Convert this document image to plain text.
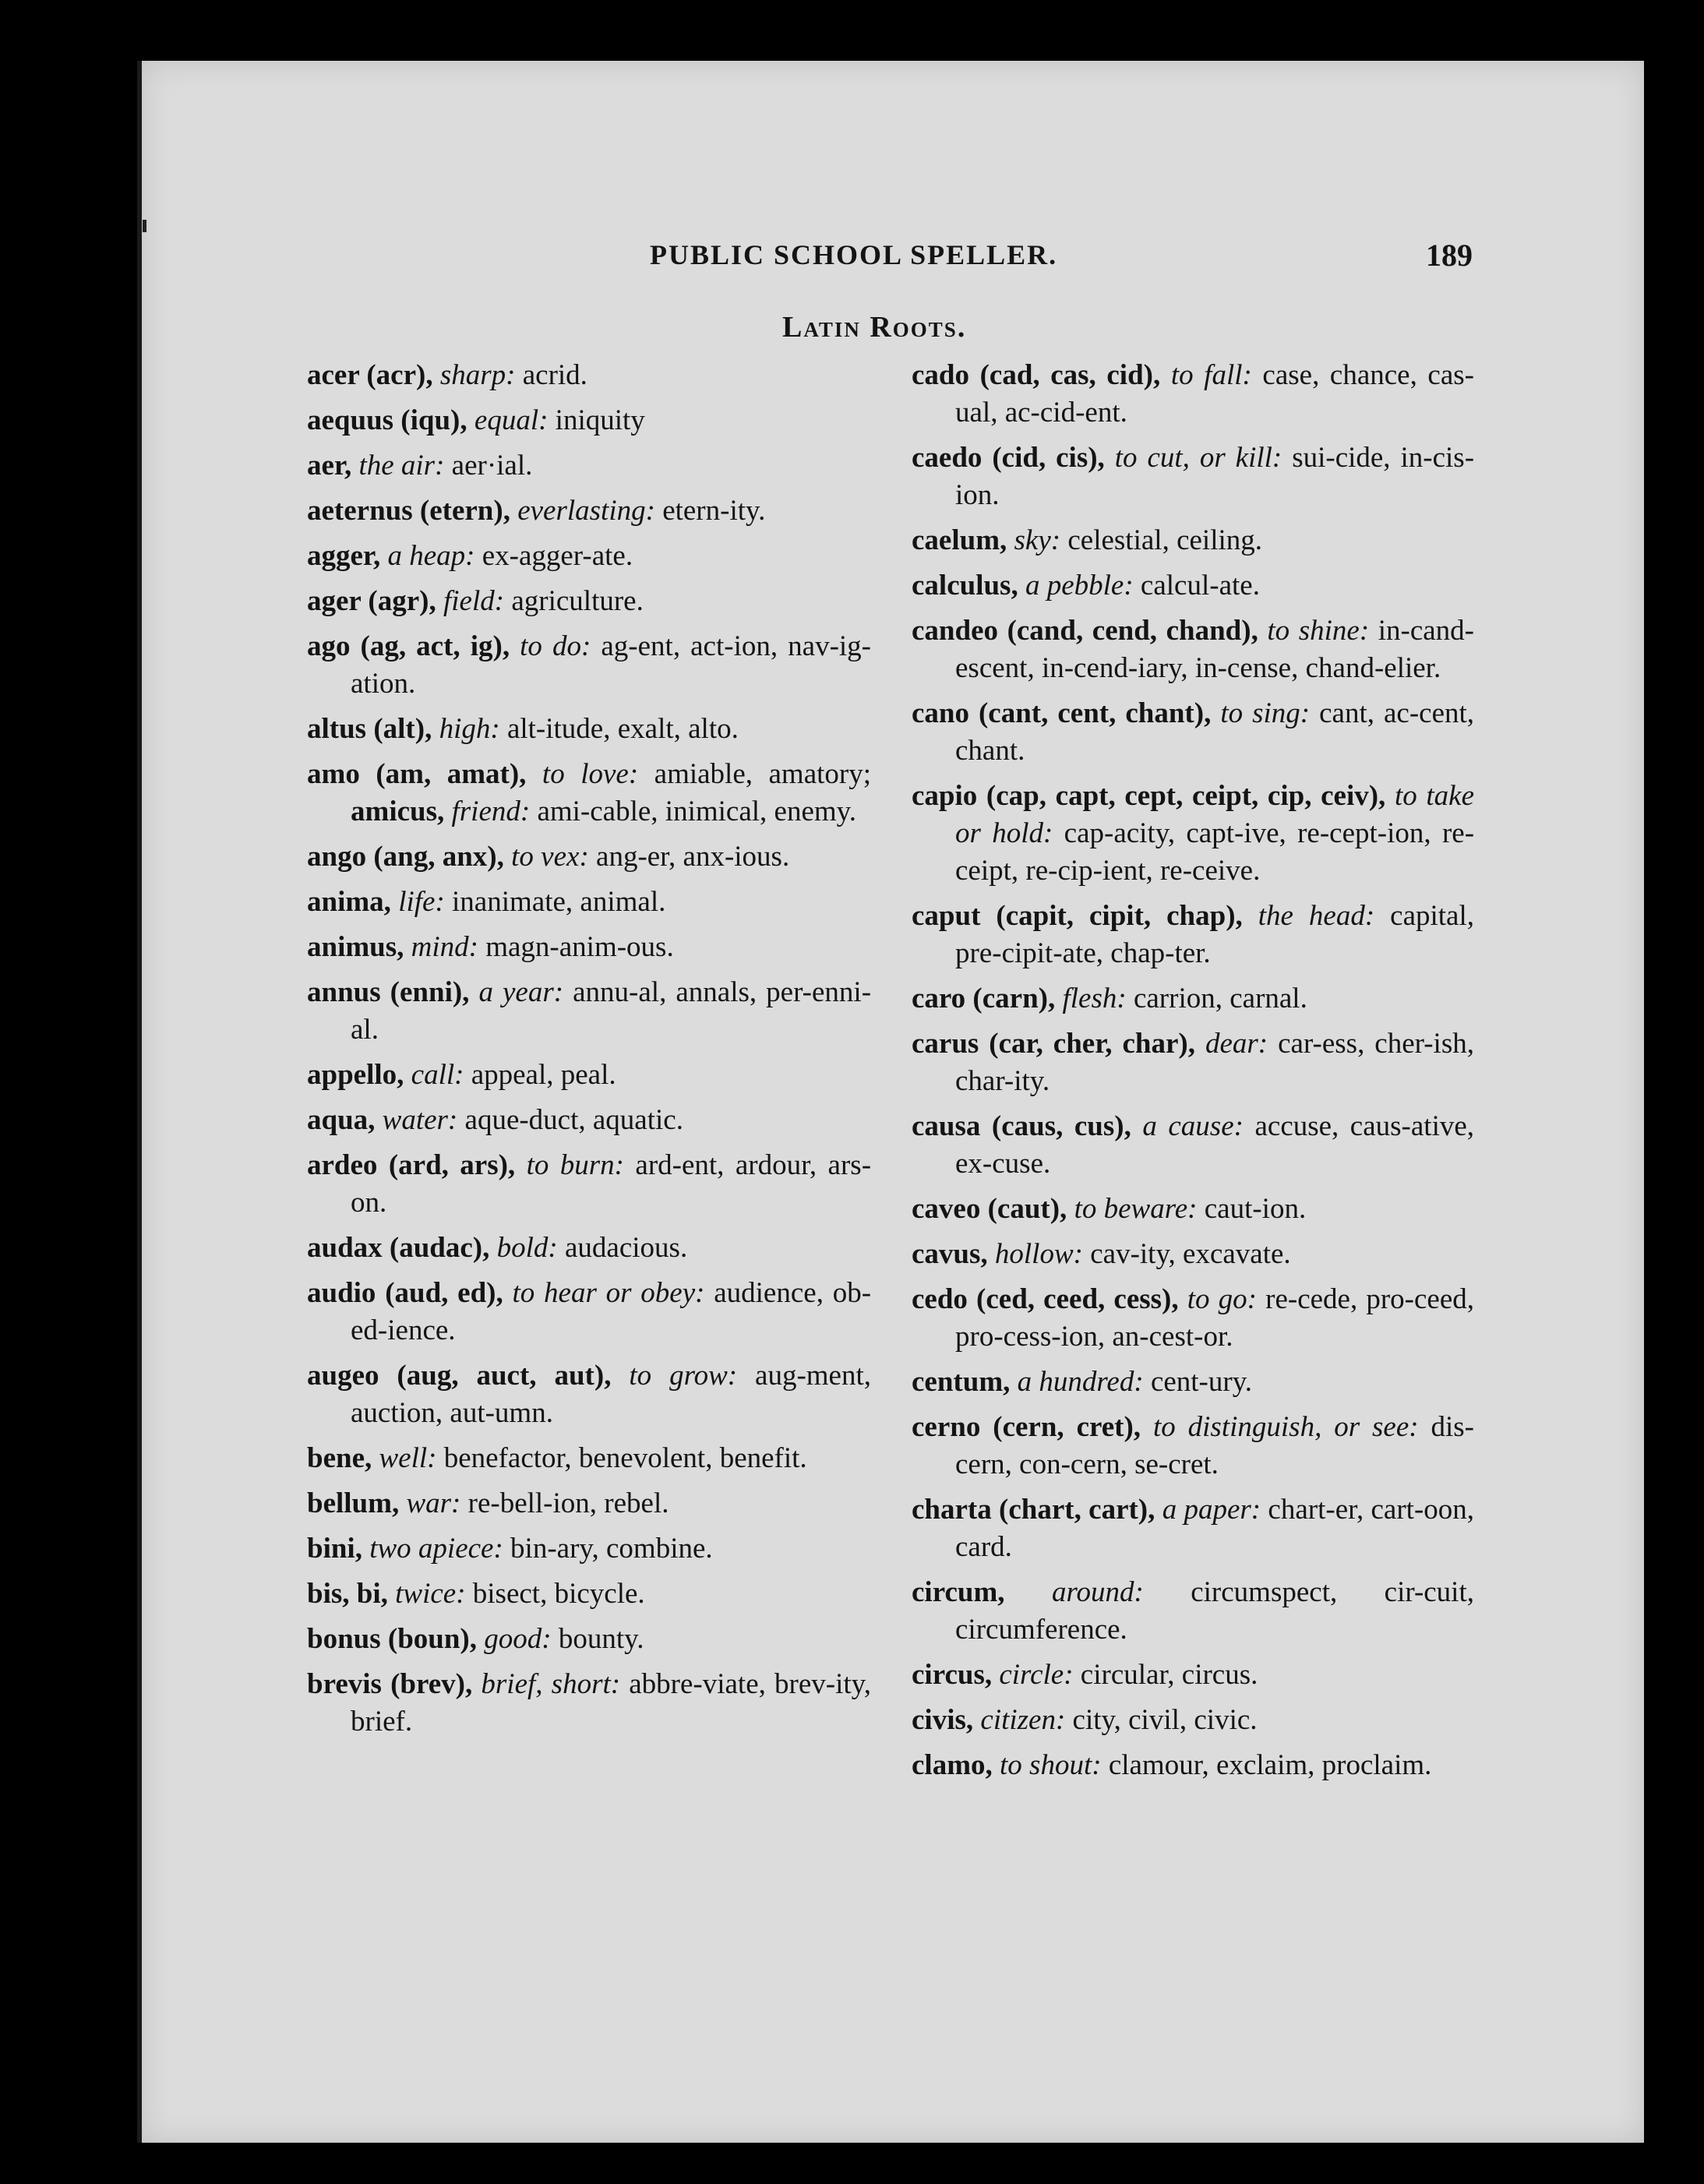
PUBLIC SCHOOL SPELLER.	189
Latin Roots.
acer (acr), sharp: acrid.
aequus (iqu), equal: iniquity
aer, the air: aer·ial.
aeternus (etern), everlasting: etern-ity.
agger, a heap: ex-agger-ate.
ager (agr), field: agriculture.
ago (ag, act, ig), to do: ag-ent, act-ion, nav-ig-ation.
altus (alt), high: alt-itude, exalt, alto.
amo (am, amat), to love: amiable, amatory; amicus, friend: ami-cable, inimical, enemy.
ango (ang, anx), to vex: ang-er, anx-ious.
anima, life: inanimate, animal.
animus, mind: magn-anim-ous.
annus (enni), a year: annu-al, annals, per-enni-al.
appello, call: appeal, peal.
aqua, water: aque-duct, aquatic.
ardeo (ard, ars), to burn: ard-ent, ardour, ars-on.
audax (audac), bold: audacious.
audio (aud, ed), to hear or obey: audience, ob-ed-ience.
augeo (aug, auct, aut), to grow: aug-ment, auction, aut-umn.
bene, well: benefactor, benevolent, benefit.
bellum, war: re-bell-ion, rebel.
bini, two apiece: bin-ary, combine.
bis, bi, twice: bisect, bicycle.
bonus (boun), good: bounty.
brevis (brev), brief, short: abbre-viate, brev-ity, brief.
cado (cad, cas, cid), to fall: case, chance, cas-ual, ac-cid-ent.
caedo (cid, cis), to cut, or kill: sui-cide, in-cis-ion.
caelum, sky: celestial, ceiling.
calculus, a pebble: calcul-ate.
candeo (cand, cend, chand), to shine: in-cand-escent, in-cend-iary, in-cense, chand-elier.
cano (cant, cent, chant), to sing: cant, ac-cent, chant.
capio (cap, capt, cept, ceipt, cip, ceiv), to take or hold: cap-acity, capt-ive, re-cept-ion, re-ceipt, re-cip-ient, re-ceive.
caput (capit, cipit, chap), the head: capital, pre-cipit-ate, chap-ter.
caro (carn), flesh: carrion, carnal.
carus (car, cher, char), dear: car-ess, cher-ish, char-ity.
causa (caus, cus), a cause: accuse, caus-ative, ex-cuse.
caveo (caut), to beware: caut-ion.
cavus, hollow: cav-ity, excavate.
cedo (ced, ceed, cess), to go: re-cede, pro-ceed, pro-cess-ion, an-cest-or.
centum, a hundred: cent-ury.
cerno (cern, cret), to distinguish, or see: dis-cern, con-cern, se-cret.
charta (chart, cart), a paper: chart-er, cart-oon, card.
circum, around: circumspect, cir-cuit, circumference.
circus, circle: circular, circus.
civis, citizen: city, civil, civic.
clamo, to shout: clamour, exclaim, proclaim.
